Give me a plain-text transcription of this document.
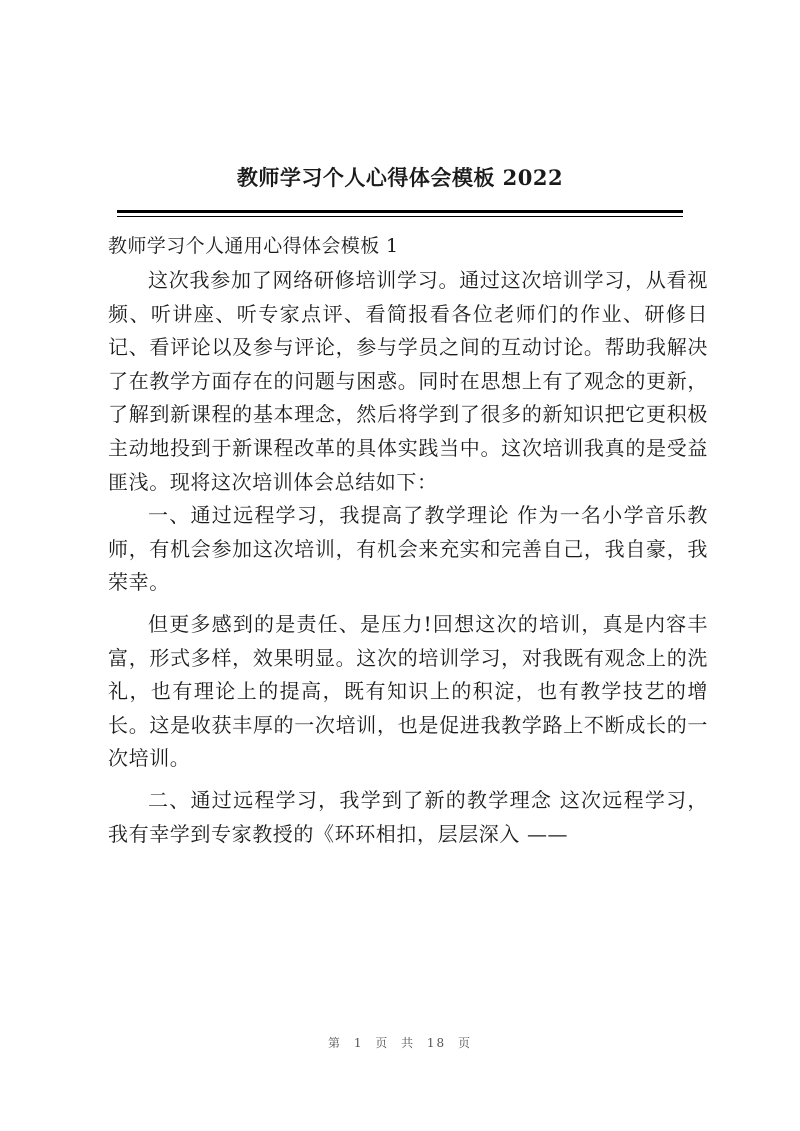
教师学习个人心得体会模板 2022

教师学习个人通用心得体会模板 1

这次我参加了网络研修培训学习。通过这次培训学习，从看视频、听讲座、听专家点评、看简报看各位老师们的作业、研修日记、看评论以及参与评论，参与学员之间的互动讨论。帮助我解决了在教学方面存在的问题与困惑。同时在思想上有了观念的更新，了解到新课程的基本理念，然后将学到了很多的新知识把它更积极主动地投到于新课程改革的具体实践当中。这次培训我真的是受益匪浅。现将这次培训体会总结如下：

一、通过远程学习，我提高了教学理论 作为一名小学音乐教师，有机会参加这次培训，有机会来充实和完善自己，我自豪，我荣幸。

但更多感到的是责任、是压力!回想这次的培训，真是内容丰富，形式多样，效果明显。这次的培训学习，对我既有观念上的洗礼，也有理论上的提高，既有知识上的积淀，也有教学技艺的增长。这是收获丰厚的一次培训，也是促进我教学路上不断成长的一次培训。

二、通过远程学习，我学到了新的教学理念 这次远程学习，我有幸学到专家教授的《环环相扣，层层深入 ——

第 1 页 共 18 页
